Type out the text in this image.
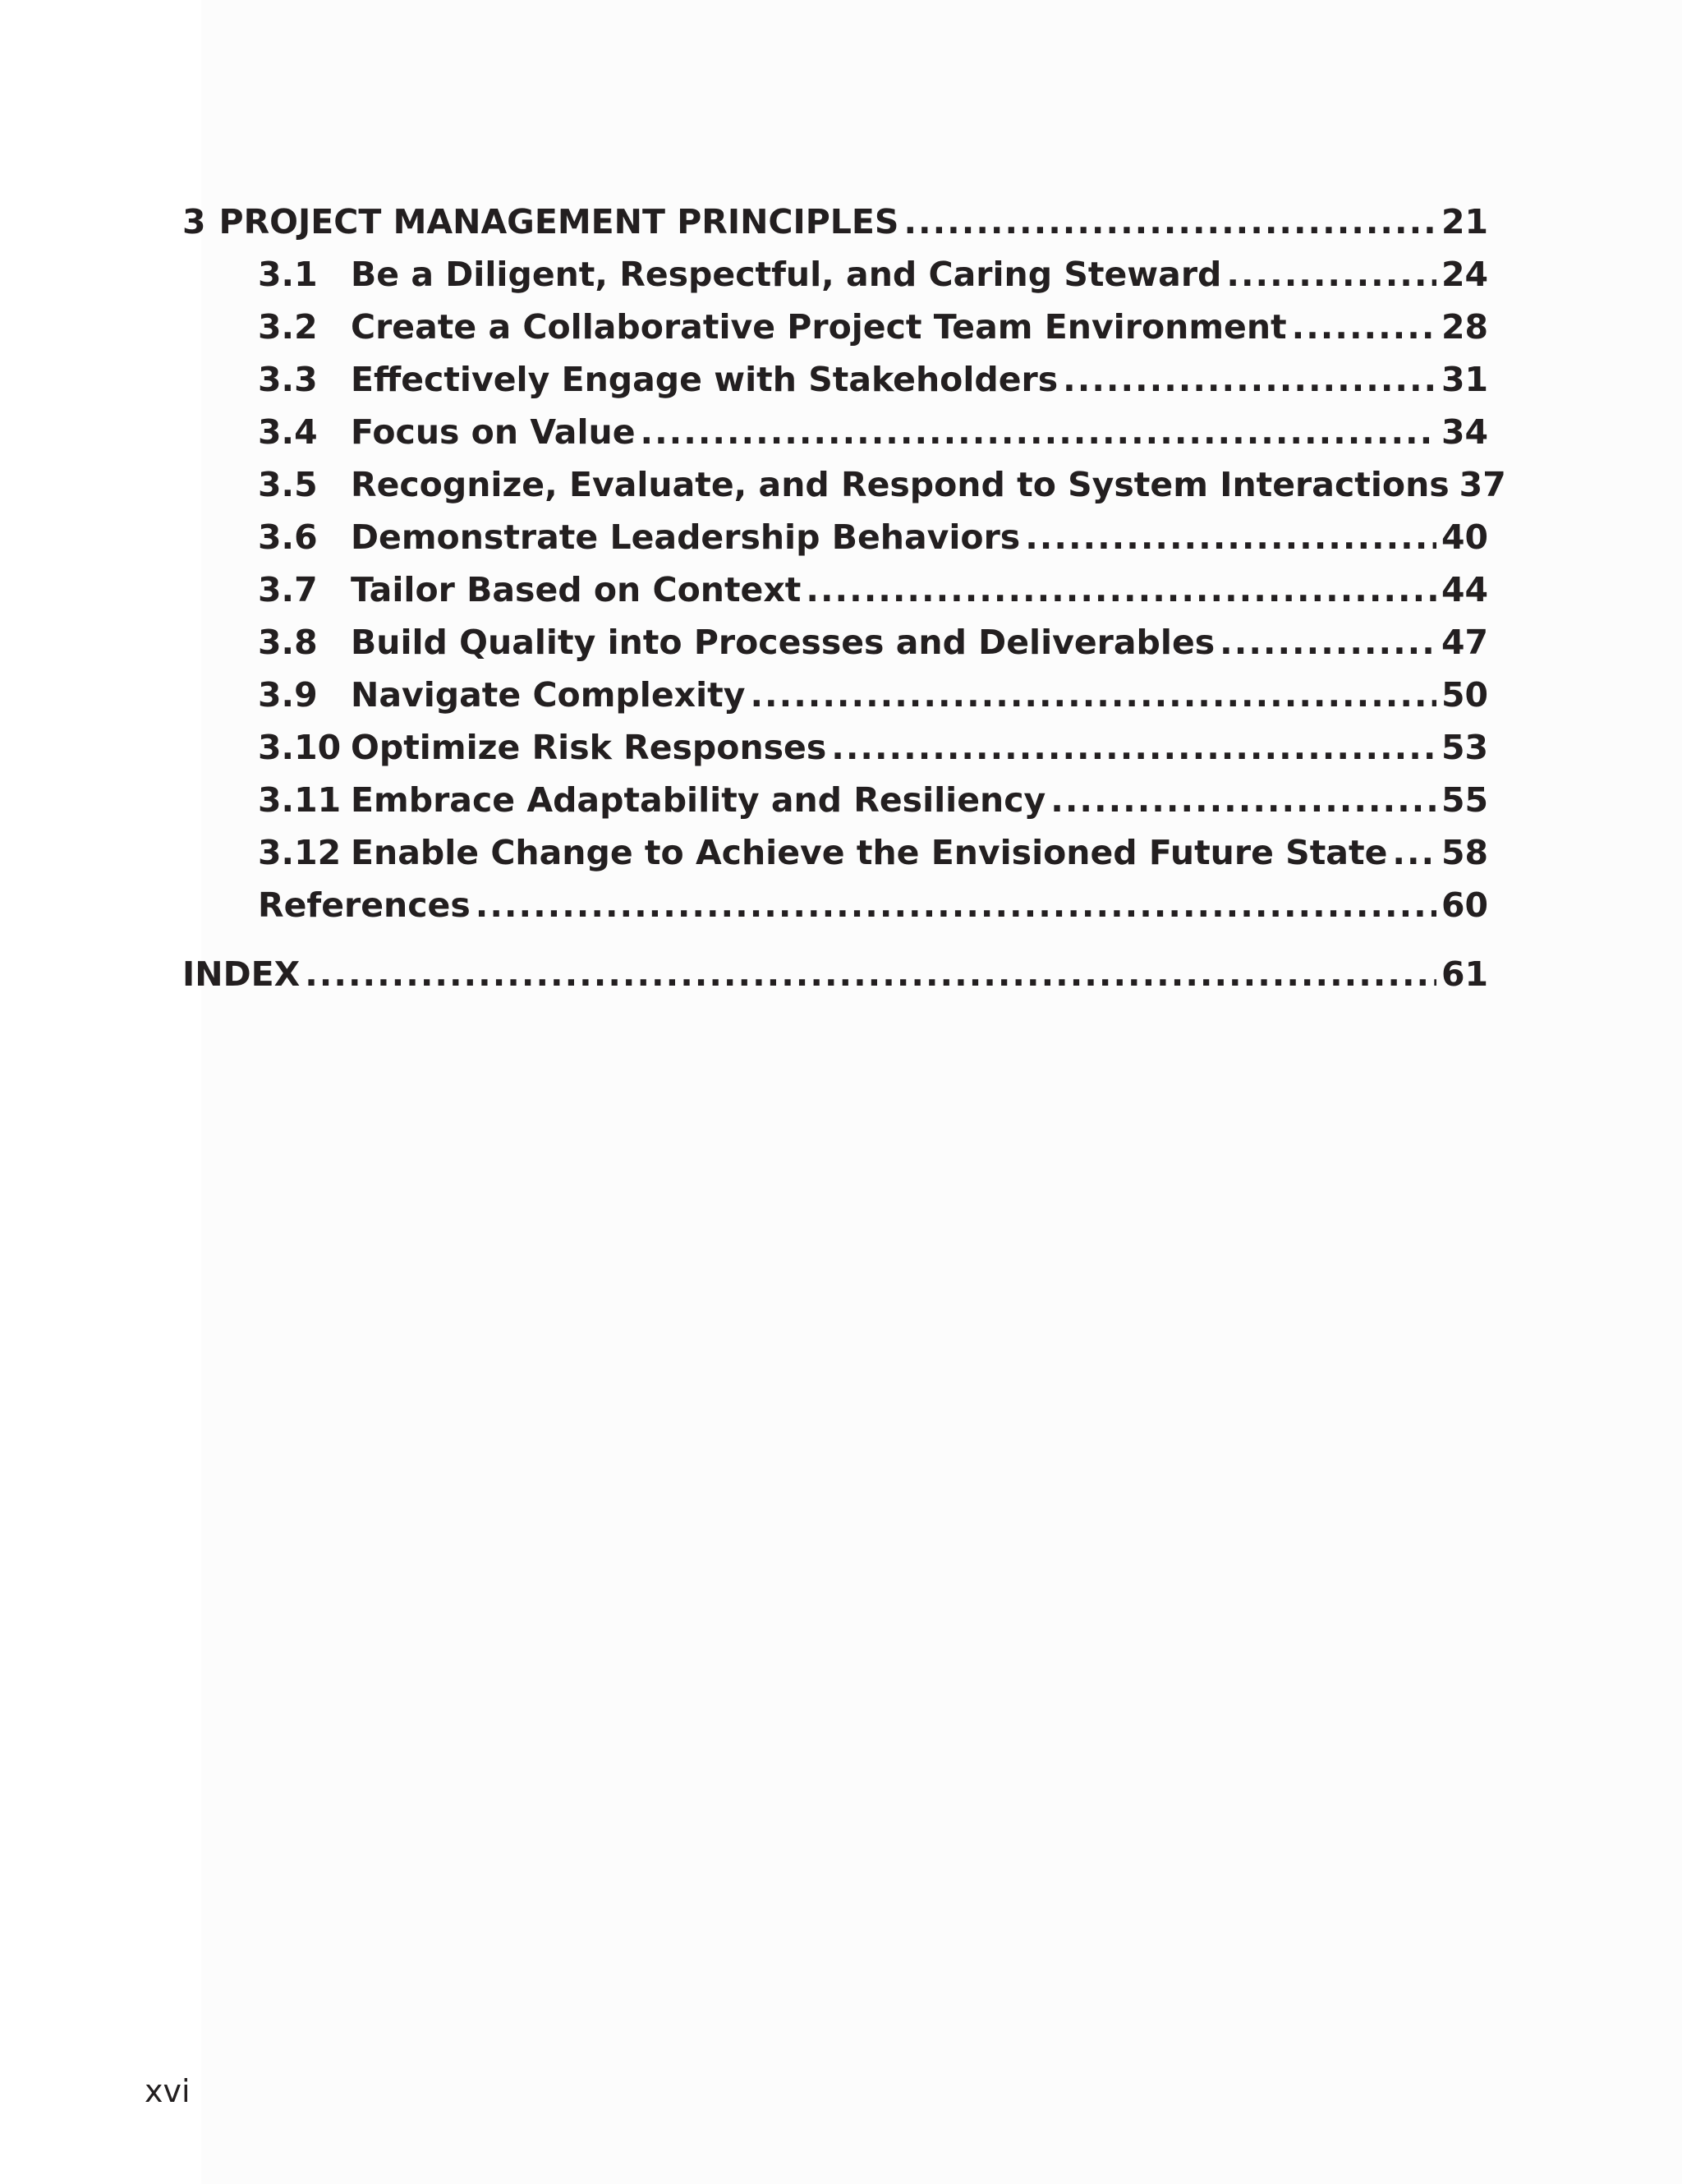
3 PROJECT MANAGEMENT PRINCIPLES .....	21
3.1 Be a Diligent, Respectful, and Caring Steward .....	24
3.2 Create a Collaborative Project Team Environment .....	28
3.3 Effectively Engage with Stakeholders .....	31
3.4 Focus on Value .....	34
3.5 Recognize, Evaluate, and Respond to System Interactions 37
3.6 Demonstrate Leadership Behaviors .....	40
3.7 Tailor Based on Context .....	44
3.8 Build Quality into Processes and Deliverables .....	47
3.9 Navigate Complexity .....	50
3.10 Optimize Risk Responses .....	53
3.11 Embrace Adaptability and Resiliency .....	55
3.12 Enable Change to Achieve the Envisioned Future State ..... 58
References .....	60
INDEX .....	61
xvi
